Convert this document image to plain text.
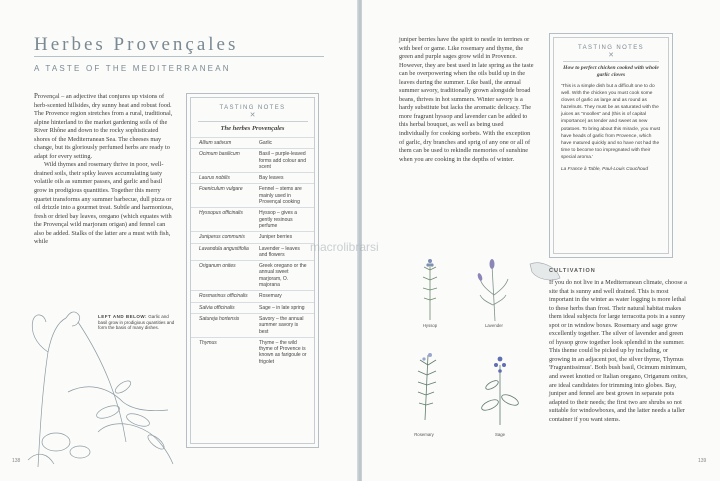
Herbes Provençales
A TASTE OF THE MEDITERRANEAN

Provençal – an adjective that conjures up visions of herb-scented hillsides, dry sunny heat and robust food. The Provence region stretches from a rural, traditional, alpine hinterland to the market gardening soils of the River Rhône and down to the rocky sophisticated shores of the Mediterranean Sea. The cheeses may change, but its gloriously perfumed herbs are ready to adapt for every setting.

Wild thymes and rosemary thrive in poor, well-drained soils, their spiky leaves accumulating tasty volatile oils as summer passes, and garlic and basil grow in prodigious quantities. Together this merry quartet transforms any summer barbecue, dull pizza or oil drizzle into a gourmet treat. Subtle and harmonious, fresh or dried bay leaves, oregano (which equates with the Provençal wild marjoram origan) and fennel can also be added. Stalks of the latter are a must with fish, while

LEFT AND BELOW: Garlic and basil grow in prodigious quantities and form the basis of many dishes.
TASTING NOTES
✕
The herbes Provençales
Allium sativum	Garlic
Ocimum basilicum	Basil – purple-leaved forms add colour and scent
Laurus nobilis	Bay leaves
Foeniculum vulgare	Fennel – stems are mainly used in Provençal cooking
Hyssopus officinalis	Hyssop – gives a gently resinous perfume
Juniperus communis	Juniper berries
Lavandula angustifolia	Lavender – leaves and flowers
Origanum onites	Greek oregano or the annual sweet marjoram, O. majorana
Rosmarinus officinalis	Rosemary
Salvia officinalis	Sage – in late spring
Satureja hortensis	Savory – the annual summer savory is best
Thymus	Thyme – the wild thyme of Provence is known as farigoule or frigolet
138

juniper berries have the spirit to nestle in terrines or with beef or game. Like rosemary and thyme, the green and purple sages grow wild in Provence. However, they are best used in late spring as the taste can be overpowering when the oils build up in the leaves during the summer. Like basil, the annual summer savory, traditionally grown alongside broad beans, thrives in hot summers. Winter savory is a hardy substitute but lacks the aromatic delicacy. The more fragrant hyssop and lavender can be added to this herbal bouquet, as well as being used individually for cooking sorbets. With the exception of garlic, dry branches and sprig of any one or all of them can be used to rekindle memories of sunshine when you are cooking in the depths of winter.

Hyssop	Lavender
Rosemary	Sage
TASTING NOTES
✕
How to perfect chicken cooked with whole garlic cloves
'This is a simple dish but a difficult one to do well. With the chicken you must cook some cloves of garlic as large and as round as hazelnuts. They must be as saturated with the juices as "moolles" and (this is of capital importance) as tender and sweet as new potatoes. To bring about this miracle, you must have heads of garlic from Provence, which have matured quickly and so have not had the time to become too impregnated with their special aroma.'
La France à Table, Paul-Louis Couchoud
CULTIVATION

If you do not live in a Mediterranean climate, choose a site that is sunny and well drained. This is most important in the winter as water logging is more lethal to these herbs than frost. Their natural habitat makes them ideal subjects for large terracotta pots in a sunny spot or in window boxes. Rosemary and sage grow excellently together. The silver of lavender and green of hyssop grow together look splendid in the summer. This theme could be picked up by including, or growing in an adjacent pot, the silver thyme, Thymus 'Fragrantissimus'. Both bush basil, Ocimum minimum, and sweet knotted or Italian oregano, Origanum onites, are ideal candidates for trimming into globes. Bay, juniper and fennel are best grown in separate pots adapted to their needs; the first two are shrubs so not suitable for windowboxes, and the latter needs a taller container if you want stems.

139
macrolibrarsi
